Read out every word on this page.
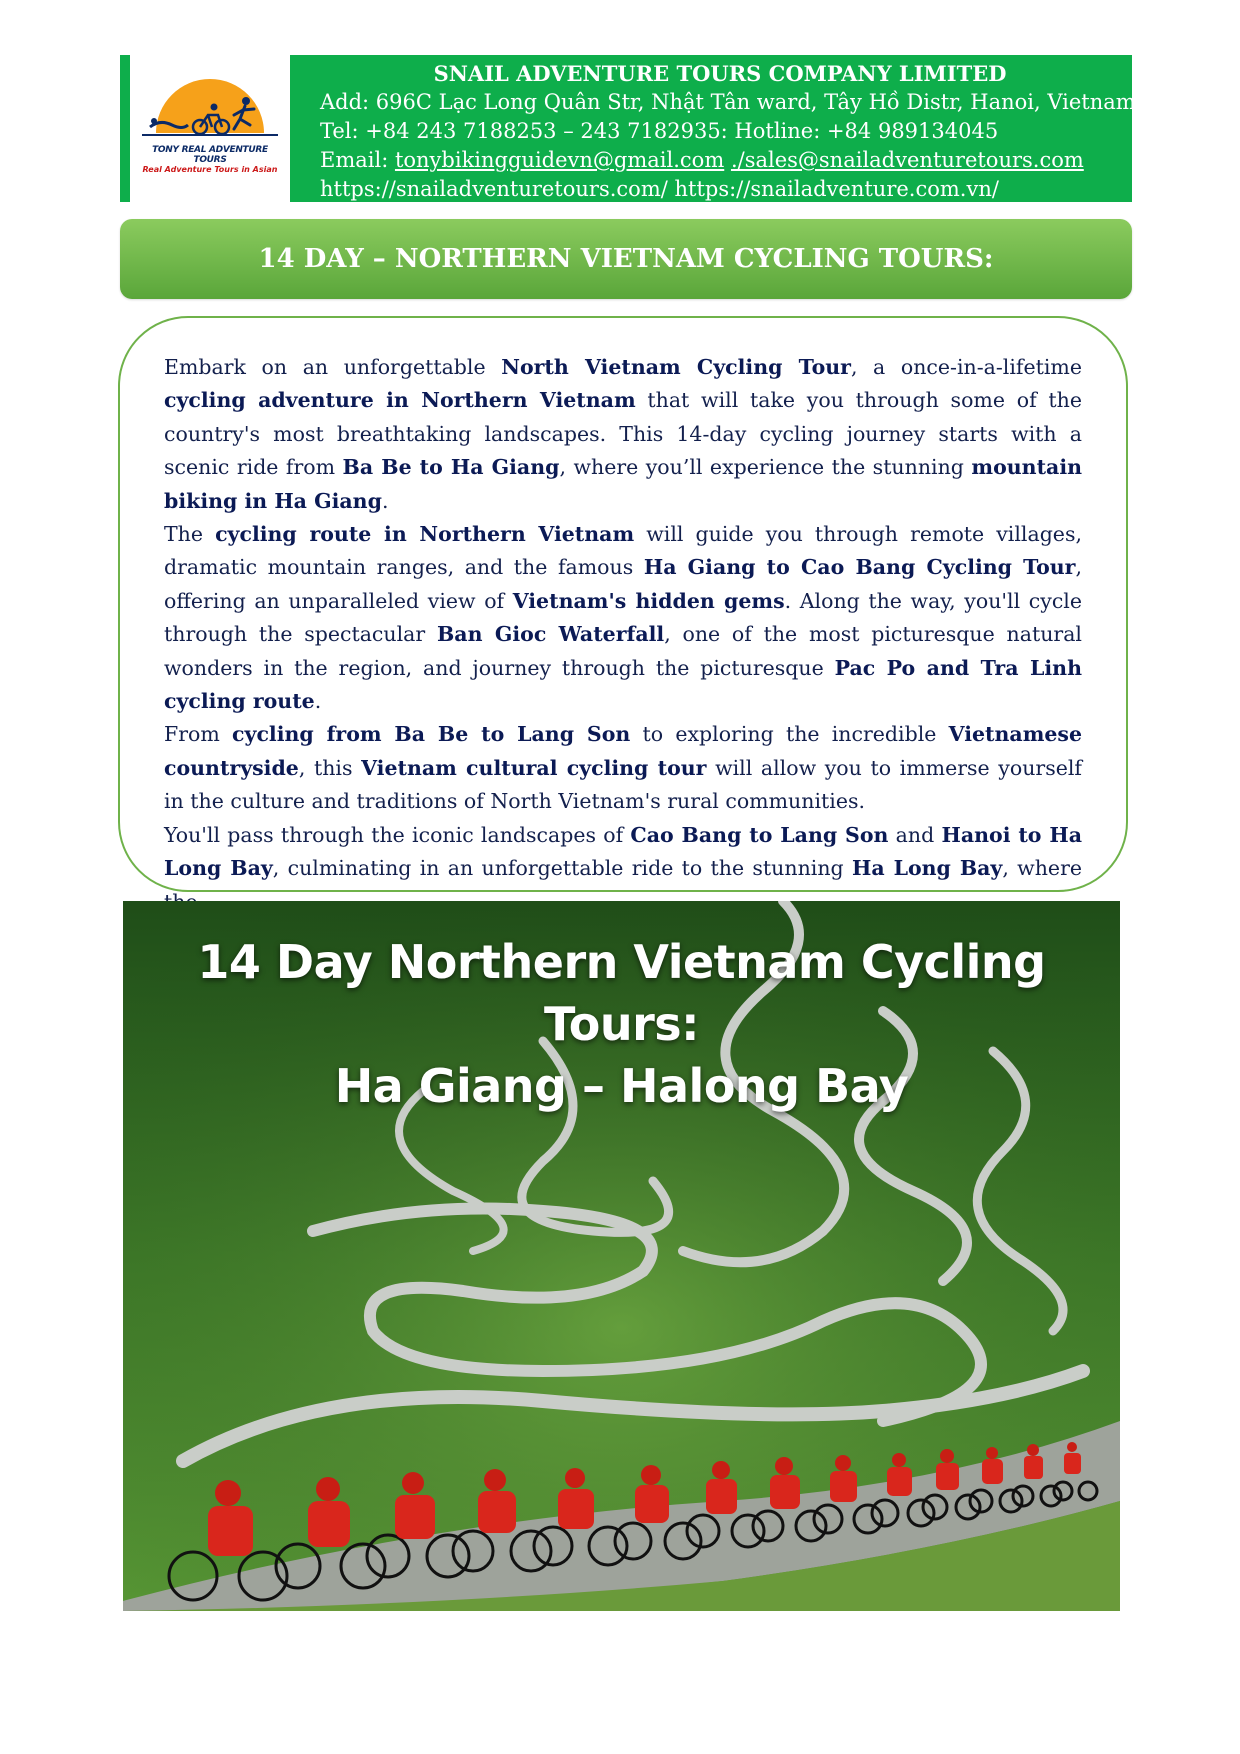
TONY REAL ADVENTURE TOURS
Real Adventure Tours in Asian
SNAIL ADVENTURE TOURS COMPANY LIMITED
Add: 696C Lạc Long Quân Str, Nhật Tân ward, Tây Hồ Distr, Hanoi, Vietnam
Tel: +84 243 7188253 – 243 7182935: Hotline: +84 989134045
Email: tonybikingguidevn@gmail.com ./sales@snailadventuretours.com
https://snailadventuretours.com/ https://snailadventure.com.vn/
14 DAY – NORTHERN VIETNAM CYCLING TOURS:

Embark on an unforgettable North Vietnam Cycling Tour, a once-in-a-lifetime cycling adventure in Northern Vietnam that will take you through some of the country's most breathtaking landscapes. This 14-day cycling journey starts with a scenic ride from Ba Be to Ha Giang, where you’ll experience the stunning mountain biking in Ha Giang.

The cycling route in Northern Vietnam will guide you through remote villages, dramatic mountain ranges, and the famous Ha Giang to Cao Bang Cycling Tour, offering an unparalleled view of Vietnam's hidden gems. Along the way, you'll cycle through the spectacular Ban Gioc Waterfall, one of the most picturesque natural wonders in the region, and journey through the picturesque Pac Po and Tra Linh cycling route.

From cycling from Ba Be to Lang Son to exploring the incredible Vietnamese countryside, this Vietnam cultural cycling tour will allow you to immerse yourself in the culture and traditions of North Vietnam's rural communities.

You'll pass through the iconic landscapes of Cao Bang to Lang Son and Hanoi to Ha Long Bay, culminating in an unforgettable ride to the stunning Ha Long Bay, where

14 Day Northern Vietnam Cycling Tours:
Ha Giang – Halong Bay
